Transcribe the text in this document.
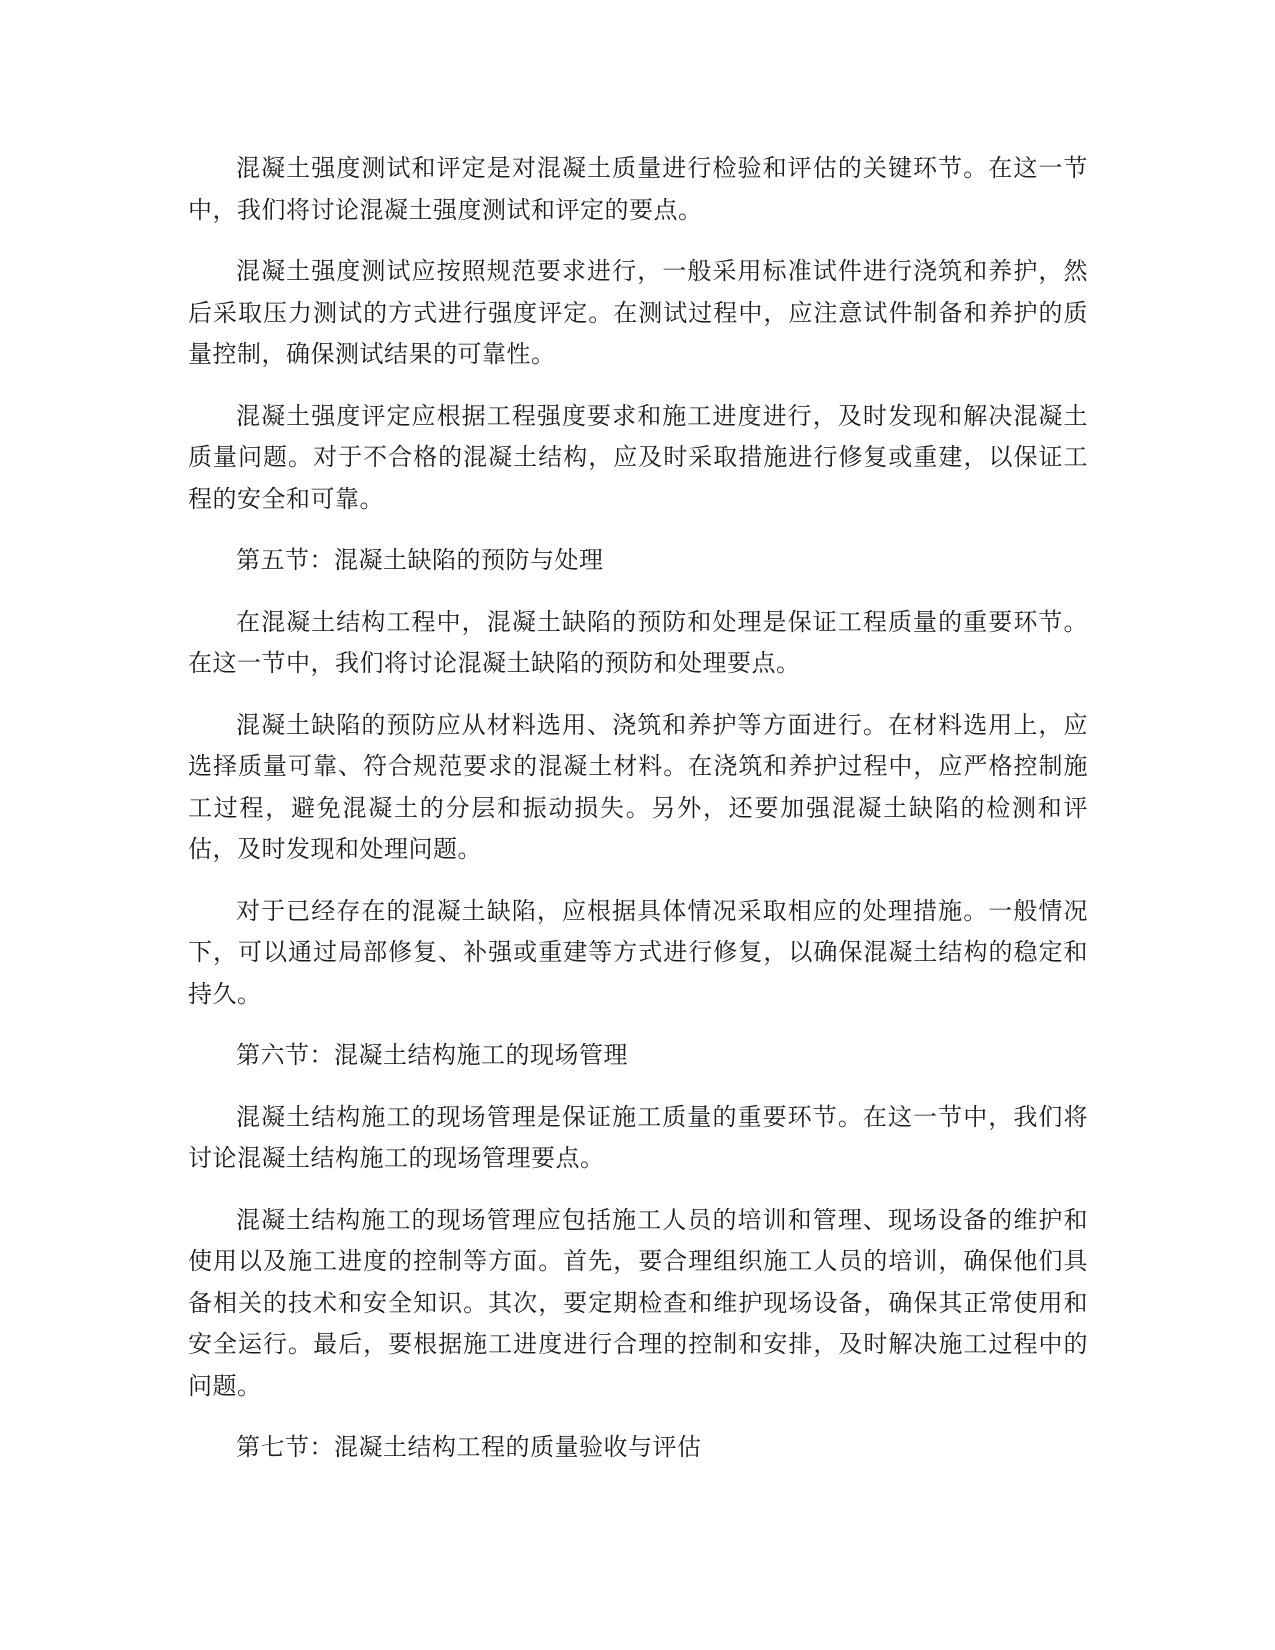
混凝土强度测试和评定是对混凝土质量进行检验和评估的关键环节。在这一节中，我们将讨论混凝土强度测试和评定的要点。

混凝土强度测试应按照规范要求进行，一般采用标准试件进行浇筑和养护，然后采取压力测试的方式进行强度评定。在测试过程中，应注意试件制备和养护的质量控制，确保测试结果的可靠性。

混凝土强度评定应根据工程强度要求和施工进度进行，及时发现和解决混凝土质量问题。对于不合格的混凝土结构，应及时采取措施进行修复或重建，以保证工程的安全和可靠。

第五节：混凝土缺陷的预防与处理

在混凝土结构工程中，混凝土缺陷的预防和处理是保证工程质量的重要环节。在这一节中，我们将讨论混凝土缺陷的预防和处理要点。

混凝土缺陷的预防应从材料选用、浇筑和养护等方面进行。在材料选用上，应选择质量可靠、符合规范要求的混凝土材料。在浇筑和养护过程中，应严格控制施工过程，避免混凝土的分层和振动损失。另外，还要加强混凝土缺陷的检测和评估，及时发现和处理问题。

对于已经存在的混凝土缺陷，应根据具体情况采取相应的处理措施。一般情况下，可以通过局部修复、补强或重建等方式进行修复，以确保混凝土结构的稳定和持久。

第六节：混凝土结构施工的现场管理

混凝土结构施工的现场管理是保证施工质量的重要环节。在这一节中，我们将讨论混凝土结构施工的现场管理要点。

混凝土结构施工的现场管理应包括施工人员的培训和管理、现场设备的维护和使用以及施工进度的控制等方面。首先，要合理组织施工人员的培训，确保他们具备相关的技术和安全知识。其次，要定期检查和维护现场设备，确保其正常使用和安全运行。最后，要根据施工进度进行合理的控制和安排，及时解决施工过程中的问题。

第七节：混凝土结构工程的质量验收与评估
